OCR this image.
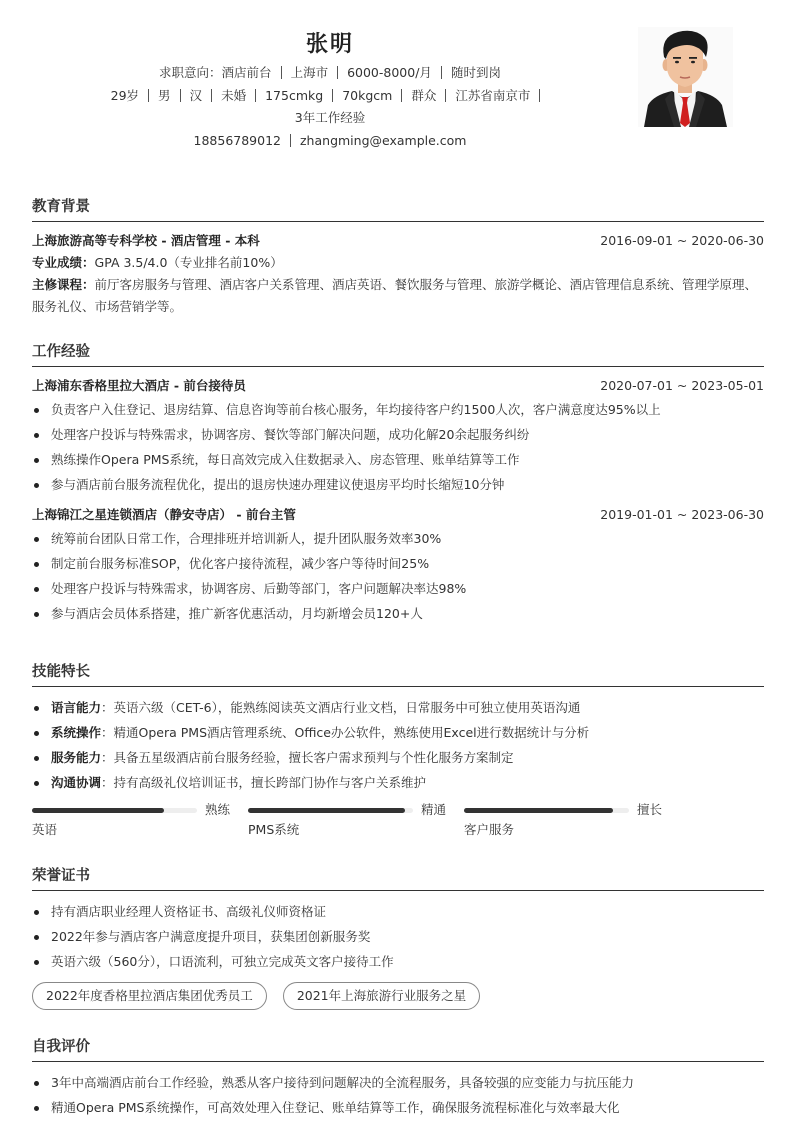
张明
求职意向：酒店前台 上海市 6000-8000/月 随时到岗
29岁 男 汉 未婚 175cmkg 70kgcm 群众 江苏省南京市
3年工作经验
18856789012 zhangming@example.com
教育背景
上海旅游高等专科学校 - 酒店管理 - 本科	2016-09-01 ~ 2020-06-30
专业成绩：GPA 3.5/4.0（专业排名前10%）
主修课程：前厅客房服务与管理、酒店客户关系管理、酒店英语、餐饮服务与管理、旅游学概论、酒店管理信息系统、管理学原理、服务礼仪、市场营销学等。
工作经验
上海浦东香格里拉大酒店 - 前台接待员	2020-07-01 ~ 2023-05-01
负责客户入住登记、退房结算、信息咨询等前台核心服务，年均接待客户约1500人次，客户满意度达95%以上
处理客户投诉与特殊需求，协调客房、餐饮等部门解决问题，成功化解20余起服务纠纷
熟练操作Opera PMS系统，每日高效完成入住数据录入、房态管理、账单结算等工作
参与酒店前台服务流程优化，提出的退房快速办理建议使退房平均时长缩短10分钟
上海锦江之星连锁酒店（静安寺店） - 前台主管	2019-01-01 ~ 2023-06-30
统筹前台团队日常工作，合理排班并培训新人，提升团队服务效率30%
制定前台服务标准SOP，优化客户接待流程，减少客户等待时间25%
处理客户投诉与特殊需求，协调客房、后勤等部门，客户问题解决率达98%
参与酒店会员体系搭建，推广新客优惠活动，月均新增会员120+人
技能特长
语言能力：英语六级（CET-6），能熟练阅读英文酒店行业文档，日常服务中可独立使用英语沟通
系统操作：精通Opera PMS酒店管理系统、Office办公软件，熟练使用Excel进行数据统计与分析
服务能力：具备五星级酒店前台服务经验，擅长客户需求预判与个性化服务方案制定
沟通协调：持有高级礼仪培训证书，擅长跨部门协作与客户关系维护
熟练
英语
精通
PMS系统
擅长
客户服务
荣誉证书
持有酒店职业经理人资格证书、高级礼仪师资格证
2022年参与酒店客户满意度提升项目，获集团创新服务奖
英语六级（560分），口语流利，可独立完成英文客户接待工作
2022年度香格里拉酒店集团优秀员工	2021年上海旅游行业服务之星
自我评价
3年中高端酒店前台工作经验，熟悉从客户接待到问题解决的全流程服务，具备较强的应变能力与抗压能力
精通Opera PMS系统操作，可高效处理入住登记、账单结算等工作，确保服务流程标准化与效率最大化
